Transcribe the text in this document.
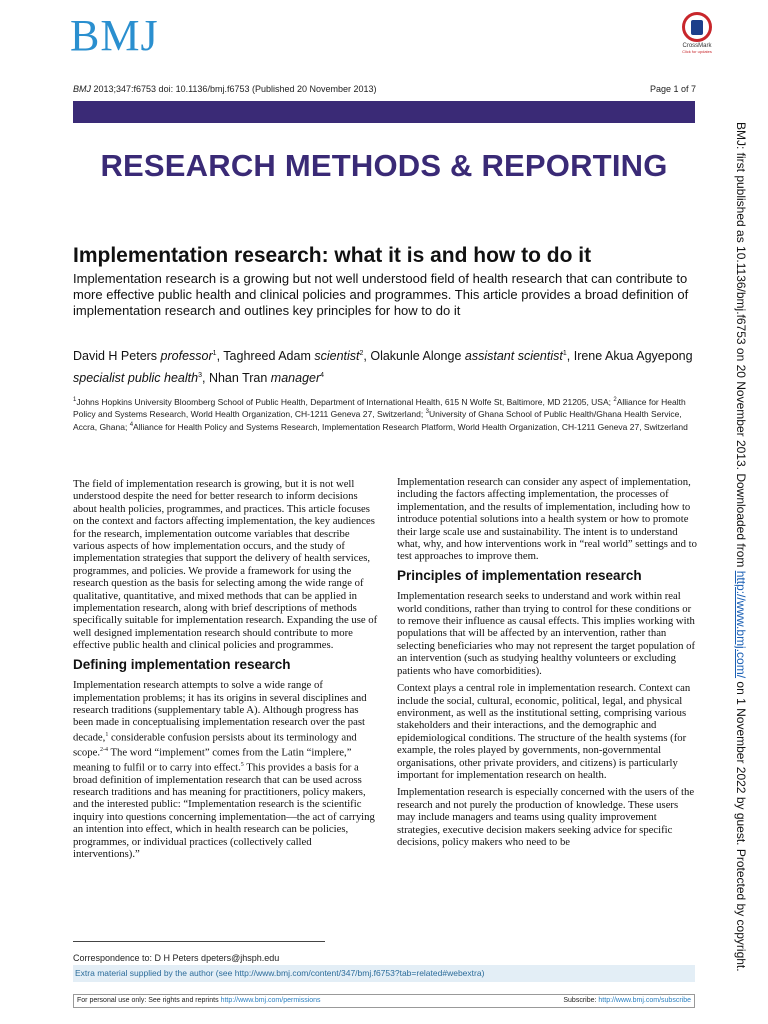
BMJ	CrossMark
Click for updates
BMJ 2013;347:f6753 doi: 10.1136/bmj.f6753 (Published 20 November 2013)	Page 1 of 7
RESEARCH METHODS & REPORTING
Implementation research: what it is and how to do it
Implementation research is a growing but not well understood field of health research that can contribute to more effective public health and clinical policies and programmes. This article provides a broad definition of implementation research and outlines key principles for how to do it
David H Peters professor$^1$, Taghreed Adam scientist$^2$, Olakunle Alonge assistant scientist$^1$, Irene Akua Agyepong specialist public health$^3$, Nhan Tran manager$^4$
$^1$Johns Hopkins University Bloomberg School of Public Health, Department of International Health, 615 N Wolfe St, Baltimore, MD 21205, USA; $^2$Alliance for Health Policy and Systems Research, World Health Organization, CH-1211 Geneva 27, Switzerland; $^3$University of Ghana School of Public Health/Ghana Health Service, Accra, Ghana; $^4$Alliance for Health Policy and Systems Research, Implementation Research Platform, World Health Organization, CH-1211 Geneva 27, Switzerland

The field of implementation research is growing, but it is not well understood despite the need for better research to inform decisions about health policies, programmes, and practices. This article focuses on the context and factors affecting implementation, the key audiences for the research, implementation outcome variables that describe various aspects of how implementation occurs, and the study of implementation strategies that support the delivery of health services, programmes, and policies. We provide a framework for using the research question as the basis for selecting among the wide range of qualitative, quantitative, and mixed methods that can be applied in implementation research, along with brief descriptions of methods specifically suitable for implementation research. Expanding the use of well designed implementation research should contribute to more effective public health and clinical policies and programmes.

Defining implementation research

Implementation research attempts to solve a wide range of implementation problems; it has its origins in several disciplines and research traditions (supplementary table A). Although progress has been made in conceptualising implementation research over the past decade,$^1$ considerable confusion persists about its terminology and scope.$^{2-4}$ The word “implement” comes from the Latin “implere,” meaning to fulfil or to carry into effect.$^5$ This provides a basis for a broad definition of implementation research that can be used across research traditions and has meaning for practitioners, policy makers, and the interested public: “Implementation research is the scientific inquiry into questions concerning implementation—the act of carrying an intention into effect, which in health research can be policies, programmes, or individual practices (collectively called interventions).”

Implementation research can consider any aspect of implementation, including the factors affecting implementation, the processes of implementation, and the results of implementation, including how to introduce potential solutions into a health system or how to promote their large scale use and sustainability. The intent is to understand what, why, and how interventions work in “real world” settings and to test approaches to improve them.

Principles of implementation research

Implementation research seeks to understand and work within real world conditions, rather than trying to control for these conditions or to remove their influence as causal effects. This implies working with populations that will be affected by an intervention, rather than selecting beneficiaries who may not represent the target population of an intervention (such as studying healthy volunteers or excluding patients who have comorbidities).

Context plays a central role in implementation research. Context can include the social, cultural, economic, political, legal, and physical environment, as well as the institutional setting, comprising various stakeholders and their interactions, and the demographic and epidemiological conditions. The structure of the health systems (for example, the roles played by governments, non-governmental organisations, other private providers, and citizens) is particularly important for implementation research on health.

Implementation research is especially concerned with the users of the research and not purely the production of knowledge. These users may include managers and teams using quality improvement strategies, executive decision makers seeking advice for specific decisions, policy makers who need to be

Correspondence to: D H Peters dpeters@jhsph.edu
Extra material supplied by the author (see http://www.bmj.com/content/347/bmj.f6753?tab=related#webextra)
For personal use only: See rights and reprints http://www.bmj.com/permissions	Subscribe: http://www.bmj.com/subscribe
BMJ: first published as 10.1136/bmj.f6753 on 20 November 2013. Downloaded from http://www.bmj.com/ on 1 November 2022 by guest. Protected by copyright.
